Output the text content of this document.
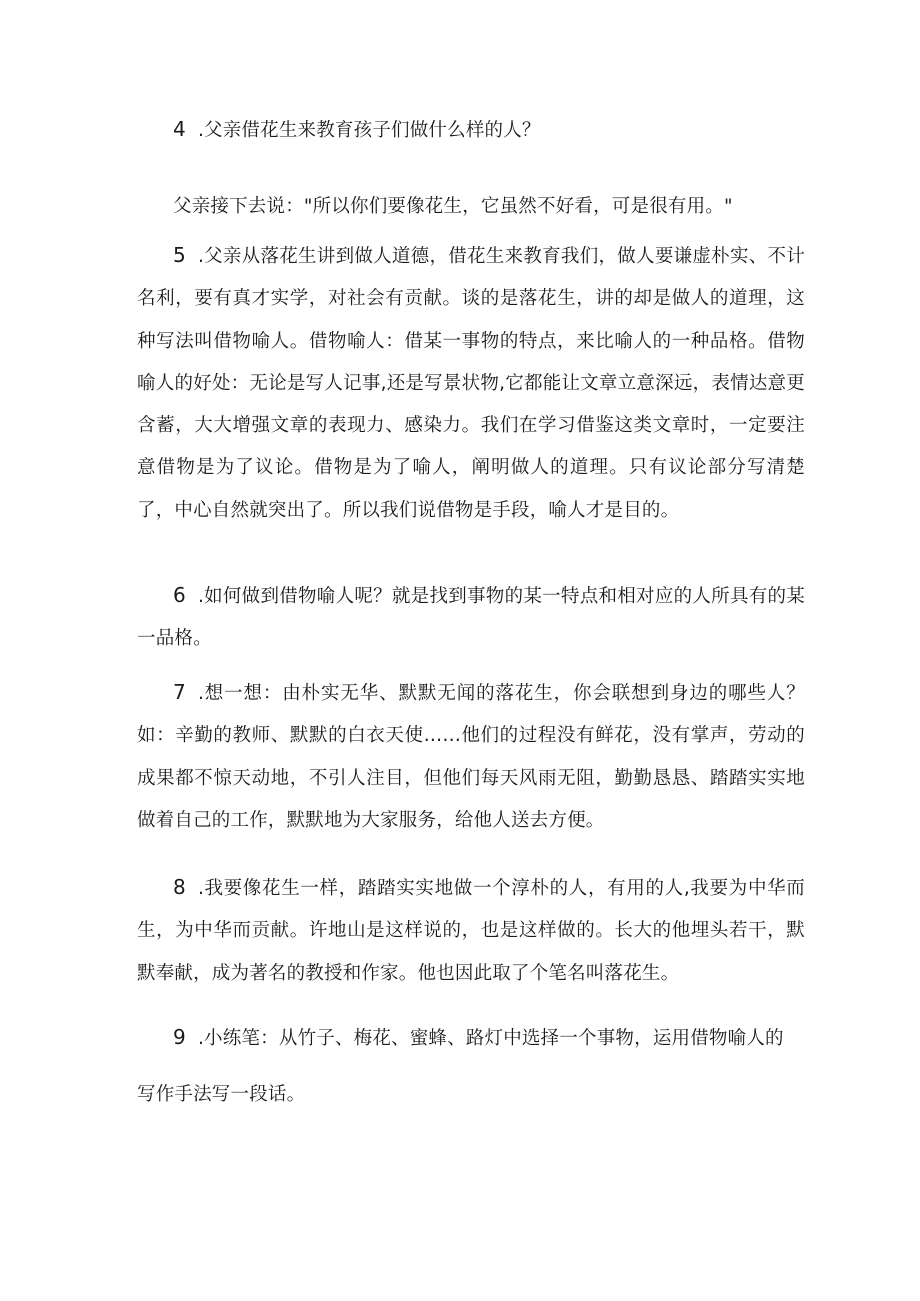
4 .父亲借花生来教育孩子们做什么样的人？

父亲接下去说："所以你们要像花生，它虽然不好看，可是很有用。"

5 .父亲从落花生讲到做人道德，借花生来教育我们，做人要谦虚朴实、不计名利，要有真才实学，对社会有贡献。谈的是落花生，讲的却是做人的道理，这种写法叫借物喻人。借物喻人：借某一事物的特点，来比喻人的一种品格。借物喻人的好处：无论是写人记事,还是写景状物,它都能让文章立意深远，表情达意更含蓄，大大增强文章的表现力、感染力。我们在学习借鉴这类文章时，一定要注意借物是为了议论。借物是为了喻人，阐明做人的道理。只有议论部分写清楚了，中心自然就突出了。所以我们说借物是手段，喻人才是目的。

6 .如何做到借物喻人呢？就是找到事物的某一特点和相对应的人所具有的某一品格。

7 .想一想：由朴实无华、默默无闻的落花生，你会联想到身边的哪些人？如：辛勤的教师、默默的白衣天使……他们的过程没有鲜花，没有掌声，劳动的成果都不惊天动地，不引人注目，但他们每天风雨无阻，勤勤恳恳、踏踏实实地做着自己的工作，默默地为大家服务，给他人送去方便。

8 .我要像花生一样，踏踏实实地做一个淳朴的人，有用的人,我要为中华而生，为中华而贡献。许地山是这样说的，也是这样做的。长大的他埋头若干，默默奉献，成为著名的教授和作家。他也因此取了个笔名叫落花生。

9 .小练笔：从竹子、梅花、蜜蜂、路灯中选择一个事物，运用借物喻人的

写作手法写一段话。
